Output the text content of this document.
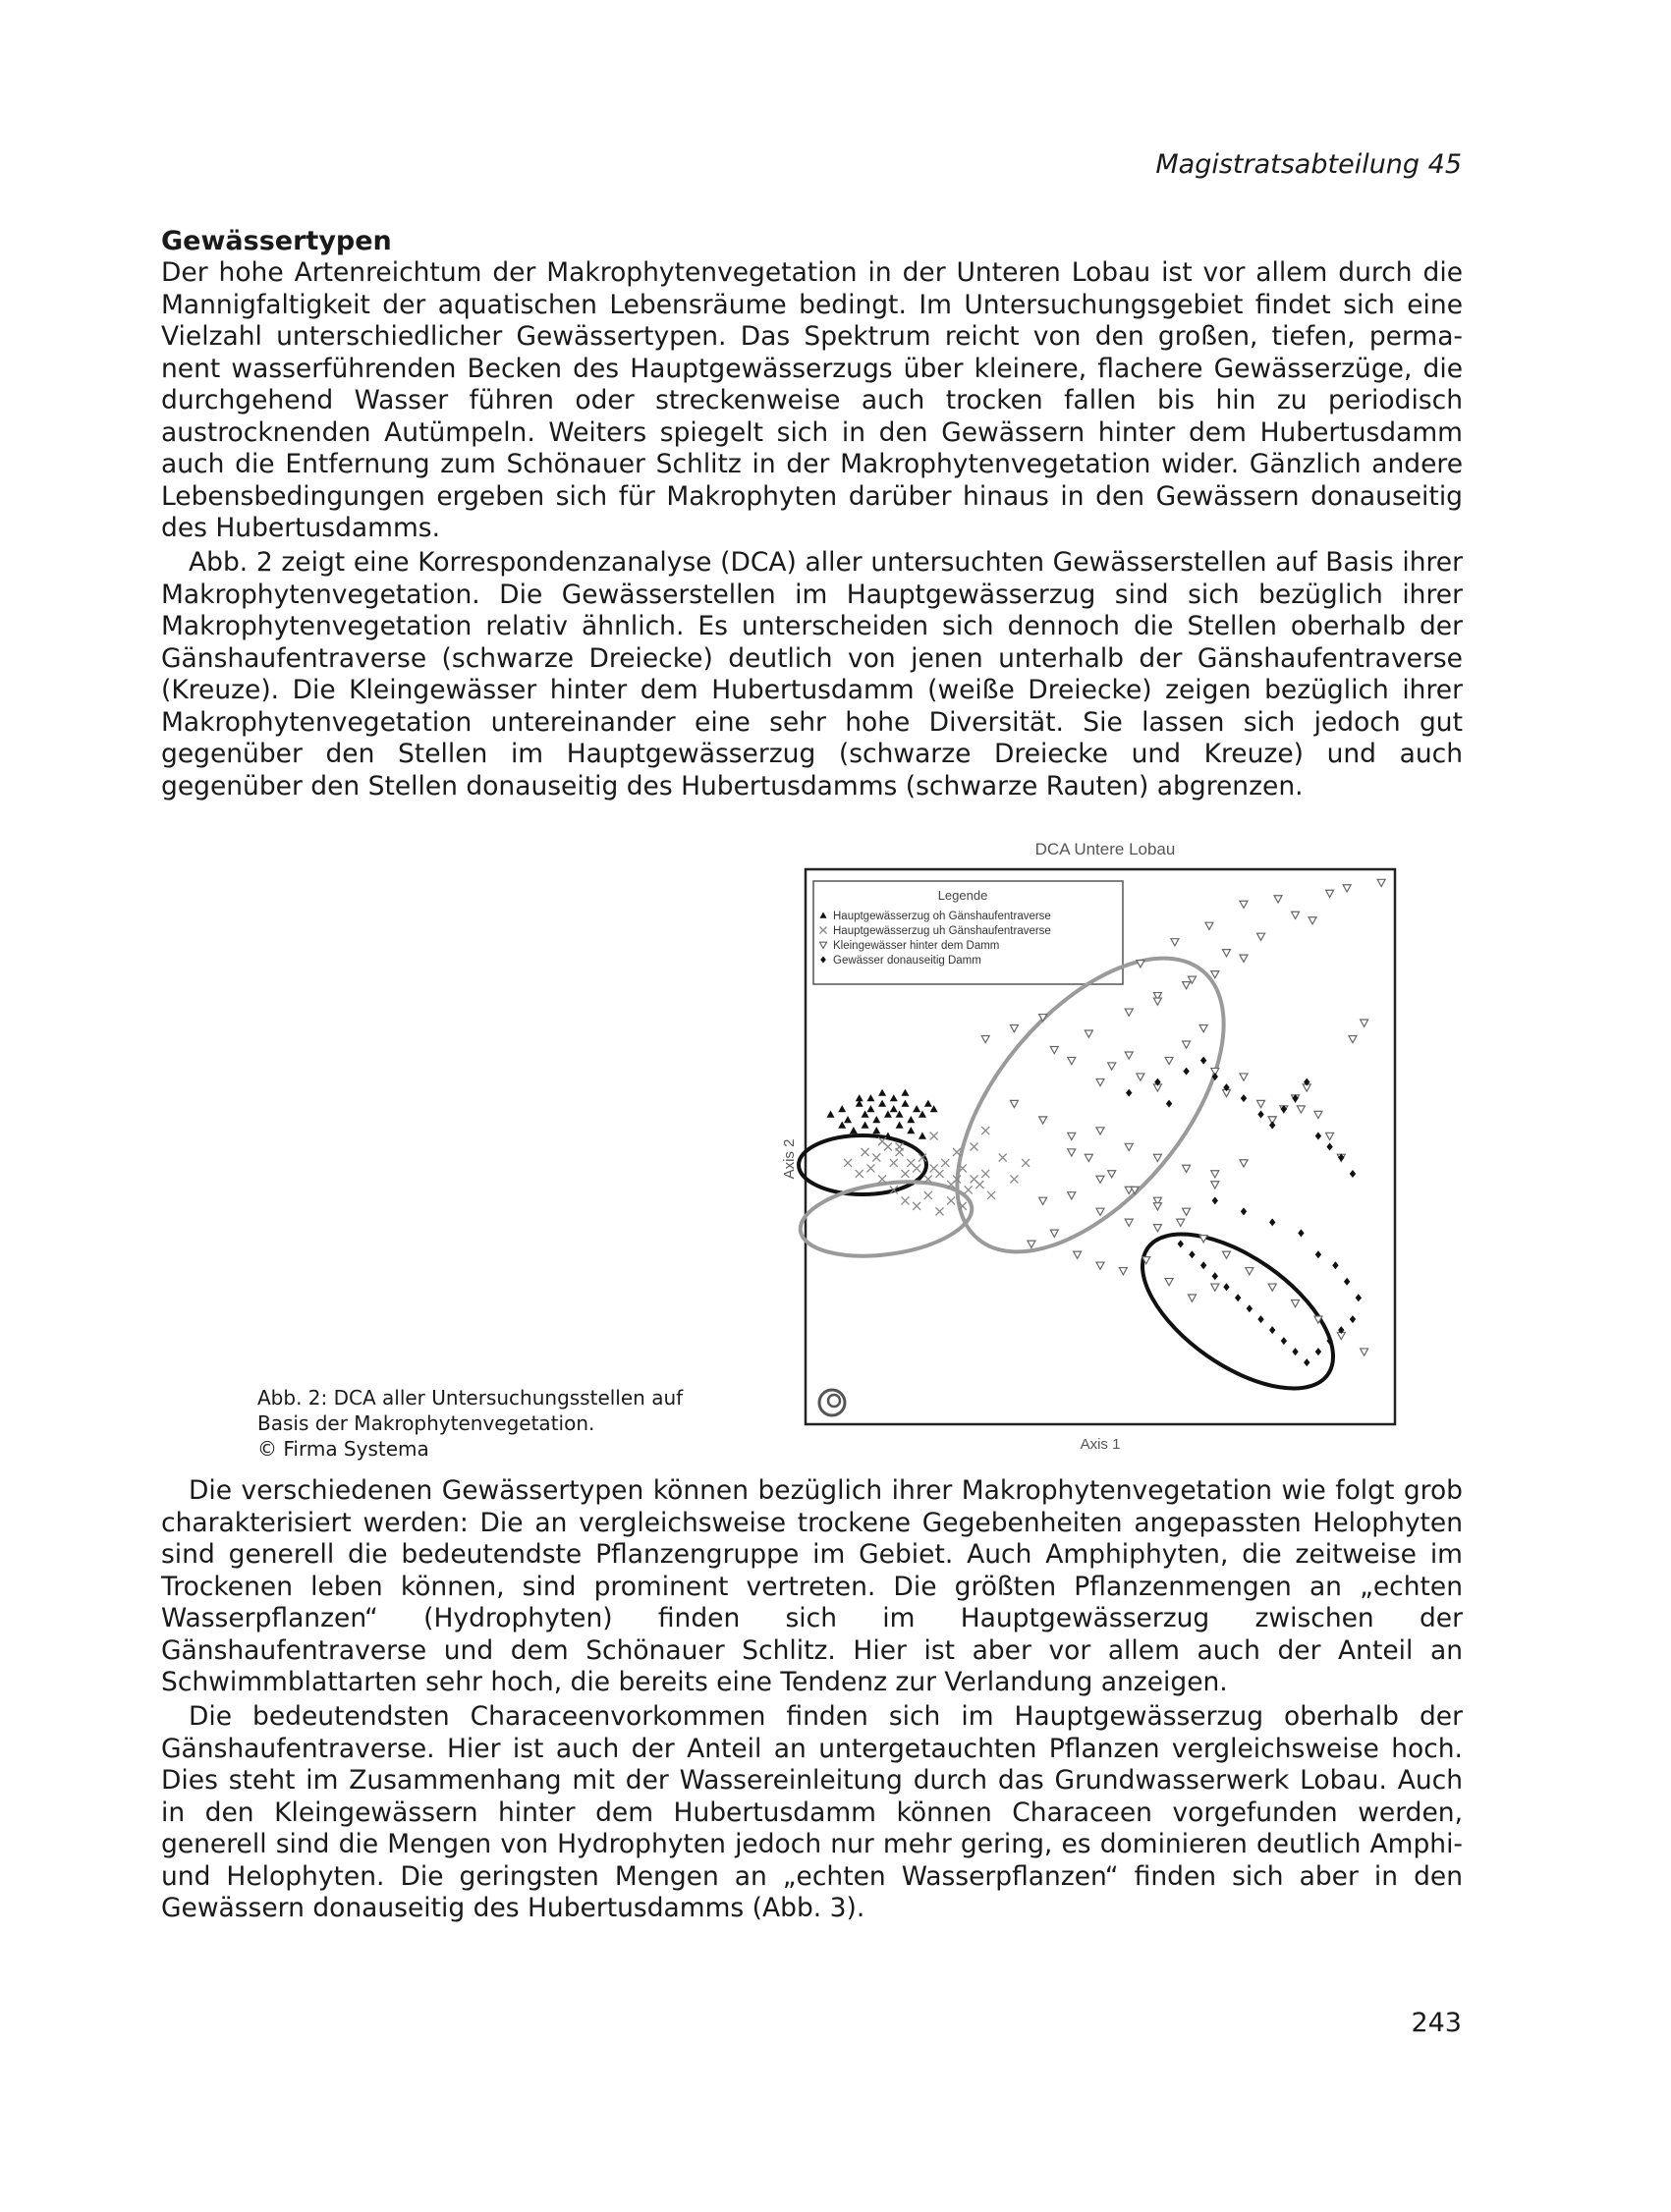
Magistratsabteilung 45
Gewässertypen

Der hohe Artenreichtum der Makrophytenvegetation in der Unteren Lobau ist vor allem durch die Mannigfaltigkeit der aquatischen Lebensräume bedingt. Im Untersuchungsgebiet findet sich eine Vielzahl unterschiedlicher Gewässertypen. Das Spektrum reicht von den großen, tiefen, perma-nent wasserführenden Becken des Hauptgewässerzugs über kleinere, flachere Gewässerzüge, die durchgehend Wasser führen oder streckenweise auch trocken fallen bis hin zu periodisch austrocknenden Autümpeln. Weiters spiegelt sich in den Gewässern hinter dem Hubertusdamm auch die Entfernung zum Schönauer Schlitz in der Makrophytenvegetation wider. Gänzlich andere Lebensbedingungen ergeben sich für Makrophyten darüber hinaus in den Gewässern donauseitig des Hubertusdamms.

Abb. 2 zeigt eine Korrespondenzanalyse (DCA) aller untersuchten Gewässerstellen auf Basis ihrer Makrophytenvegetation. Die Gewässerstellen im Hauptgewässerzug sind sich bezüglich ihrer Makrophytenvegetation relativ ähnlich. Es unterscheiden sich dennoch die Stellen oberhalb der Gänshaufentraverse (schwarze Dreiecke) deutlich von jenen unterhalb der Gänshaufentraverse (Kreuze). Die Kleingewässer hinter dem Hubertusdamm (weiße Dreiecke) zeigen bezüglich ihrer Makrophytenvegetation untereinander eine sehr hohe Diversität. Sie lassen sich jedoch gut gegenüber den Stellen im Hauptgewässerzug (schwarze Dreiecke und Kreuze) und auch gegenüber den Stellen donauseitig des Hubertusdamms (schwarze Rauten) abgrenzen.

DCA Untere Lobau
Axis 2
Axis 1
Legende
Hauptgewässerzug oh Gänshaufentraverse
Hauptgewässerzug uh Gänshaufentraverse
Kleingewässer hinter dem Damm
Gewässer donauseitig Damm

Abb. 2: DCA aller Untersuchungsstellen auf
Basis der Makrophytenvegetation.
© Firma Systema

Die verschiedenen Gewässertypen können bezüglich ihrer Makrophytenvegetation wie folgt grob charakterisiert werden: Die an vergleichsweise trockene Gegebenheiten angepassten Helophyten sind generell die bedeutendste Pflanzengruppe im Gebiet. Auch Amphiphyten, die zeitweise im Trockenen leben können, sind prominent vertreten. Die größten Pflanzenmengen an „echten Wasserpflanzen“ (Hydrophyten) finden sich im Hauptgewässerzug zwischen der Gänshaufentraverse und dem Schönauer Schlitz. Hier ist aber vor allem auch der Anteil an Schwimmblattarten sehr hoch, die bereits eine Tendenz zur Verlandung anzeigen.

Die bedeutendsten Characeenvorkommen finden sich im Hauptgewässerzug oberhalb der Gänshaufentraverse. Hier ist auch der Anteil an untergetauchten Pflanzen vergleichsweise hoch. Dies steht im Zusammenhang mit der Wassereinleitung durch das Grundwasserwerk Lobau. Auch in den Kleingewässern hinter dem Hubertusdamm können Characeen vorgefunden werden, generell sind die Mengen von Hydrophyten jedoch nur mehr gering, es dominieren deutlich Amphi- und Helophyten. Die geringsten Mengen an „echten Wasserpflanzen“ finden sich aber in den Gewässern donauseitig des Hubertusdamms (Abb. 3).

243
